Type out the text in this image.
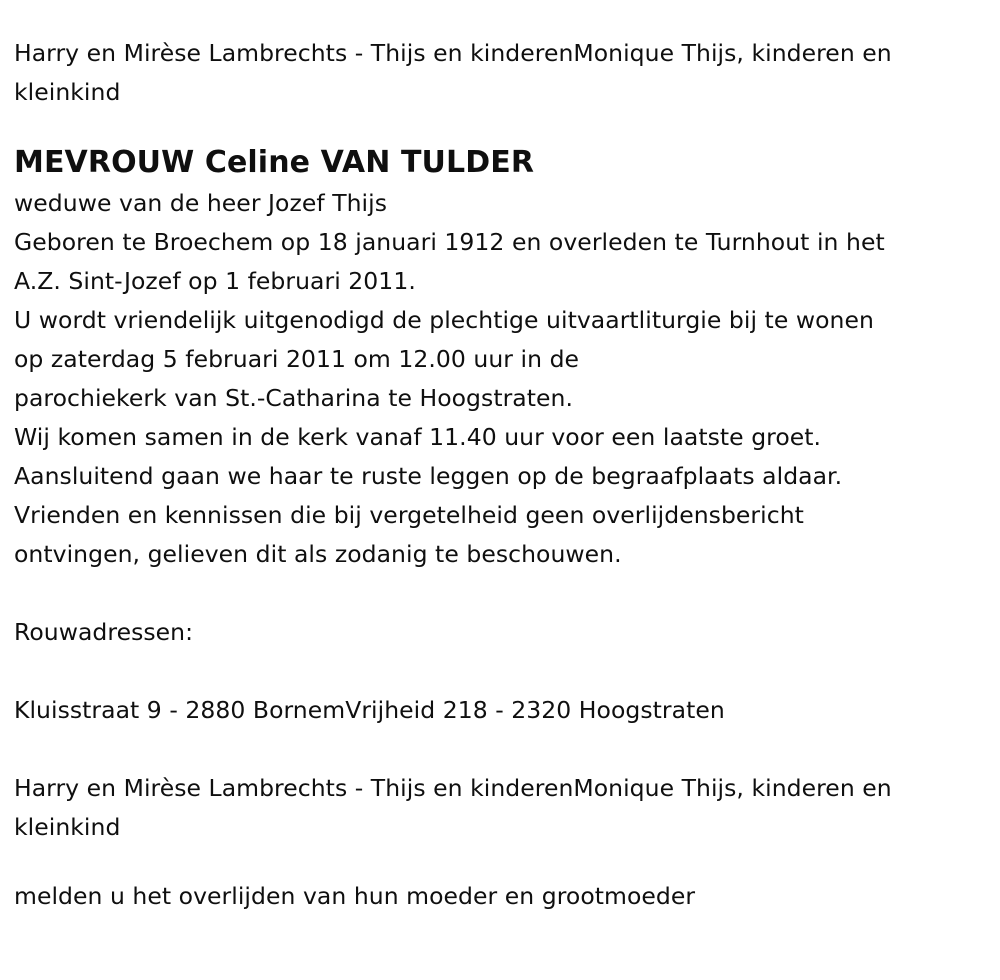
Harry en Mirèse Lambrechts - Thijs en kinderenMonique Thijs, kinderen en kleinkind

MEVROUW Celine VAN TULDER

weduwe van de heer Jozef Thijs

Geboren te Broechem op 18 januari 1912 en overleden te Turnhout in het

A.Z. Sint-Jozef op 1 februari 2011.

U wordt vriendelijk uitgenodigd de plechtige uitvaartliturgie bij te wonen

op zaterdag 5 februari 2011 om 12.00 uur in de

parochiekerk van St.-Catharina te Hoogstraten.

Wij komen samen in de kerk vanaf 11.40 uur voor een laatste groet.

Aansluitend gaan we haar te ruste leggen op de begraafplaats aldaar.

Vrienden en kennissen die bij vergetelheid geen overlijdensbericht

ontvingen, gelieven dit als zodanig te beschouwen.

Rouwadressen:

Kluisstraat 9 - 2880 BornemVrijheid 218 - 2320 Hoogstraten

Harry en Mirèse Lambrechts - Thijs en kinderenMonique Thijs, kinderen en kleinkind

melden u het overlijden van hun moeder en grootmoeder
